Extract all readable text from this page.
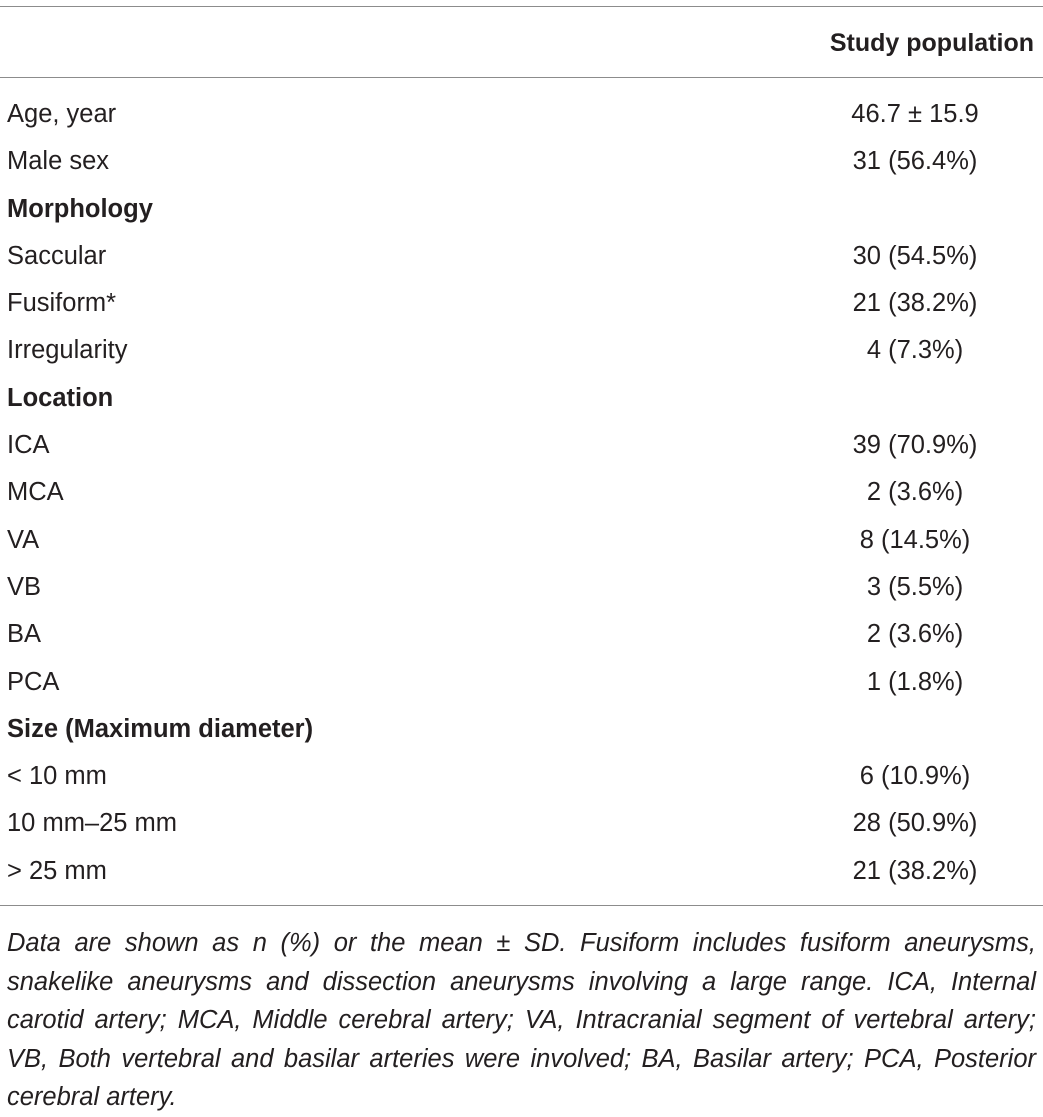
Study population
Age, year	46.7 ± 15.9
Male sex	31 (56.4%)
Morphology
Saccular	30 (54.5%)
Fusiform*	21 (38.2%)
Irregularity	4 (7.3%)
Location
ICA	39 (70.9%)
MCA	2 (3.6%)
VA	8 (14.5%)
VB	3 (5.5%)
BA	2 (3.6%)
PCA	1 (1.8%)
Size (Maximum diameter)
< 10 mm	6 (10.9%)
10 mm–25 mm	28 (50.9%)
> 25 mm	21 (38.2%)
Data are shown as n (%) or the mean ± SD. Fusiform includes fusiform aneurysms, snakelike aneurysms and dissection aneurysms involving a large range. ICA, Internal carotid artery; MCA, Middle cerebral artery; VA, Intracranial segment of vertebral artery; VB, Both vertebral and basilar arteries were involved; BA, Basilar artery; PCA, Posterior cerebral artery.
